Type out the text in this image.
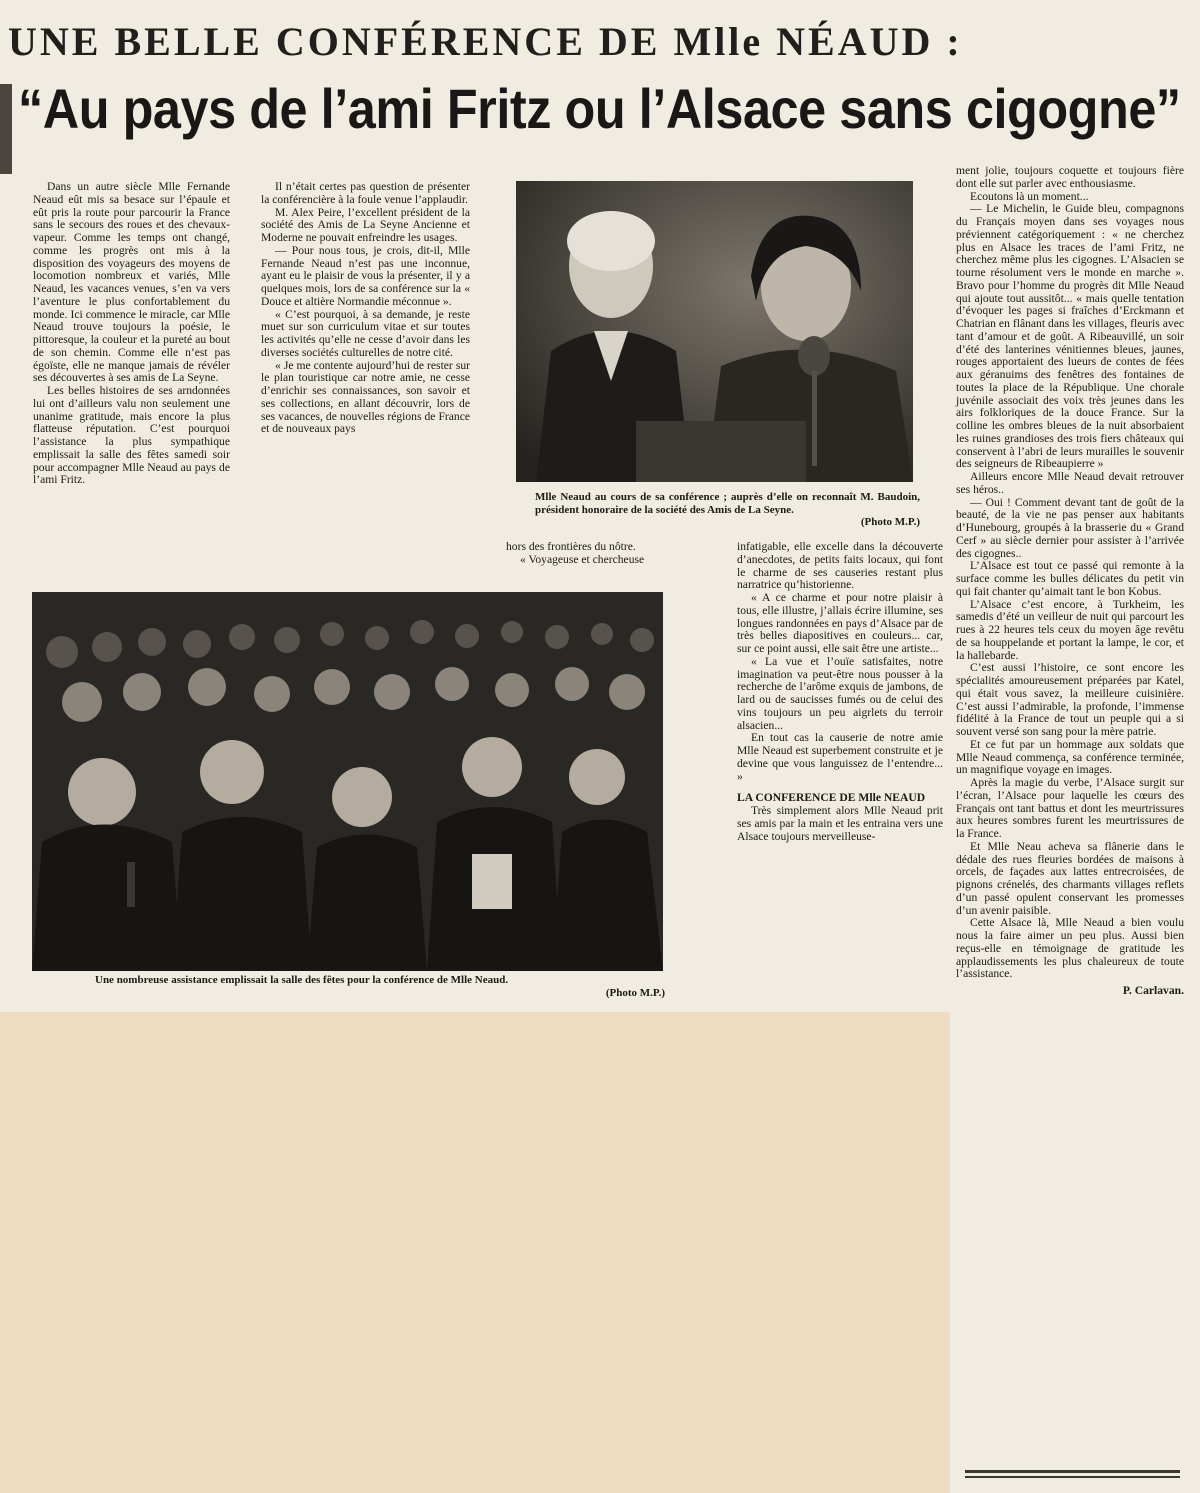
UNE BELLE CONFÉRENCE DE Mlle NÉAUD :
“Au pays de l’ami Fritz ou l’Alsace sans cigogne”

Dans un autre siècle Mlle Fernande Neaud eût mis sa besace sur l’épaule et eût pris la route pour parcourir la France sans le secours des roues et des chevaux-vapeur. Comme les temps ont changé, comme les progrès ont mis à la disposition des voyageurs des moyens de locomotion nombreux et variés, Mlle Neaud, les vacances venues, s’en va vers l’aventure le plus confortablement du monde. Ici commence le miracle, car Mlle Neaud trouve toujours la poésie, le pittoresque, la couleur et la pureté au bout de son chemin. Comme elle n’est pas égoïste, elle ne manque jamais de révéler ses découvertes à ses amis de La Seyne.

Les belles histoires de ses arndonnées lui ont d’ailleurs valu non seulement une unanime gratitude, mais encore la plus flatteuse réputation. C’est pourquoi l’assistance la plus sympathique emplissait la salle des fêtes samedi soir pour accompagner Mlle Neaud au pays de l’ami Fritz.

Il n’était certes pas question de présenter la conférencière à la foule venue l’applaudir.

M. Alex Peire, l’excellent président de la société des Amis de La Seyne Ancienne et Moderne ne pouvait enfreindre les usages.

— Pour nous tous, je crois, dit-il, Mlle Fernande Neaud n’est pas une inconnue, ayant eu le plaisir de vous la présenter, il y a quelques mois, lors de sa conférence sur la « Douce et altière Normandie méconnue ».

« C’est pourquoi, à sa demande, je reste muet sur son curriculum vitae et sur toutes les activités qu’elle ne cesse d’avoir dans les diverses sociétés culturelles de notre cité.

« Je me contente aujourd’hui de rester sur le plan touristique car notre amie, ne cesse d’enrichir ses connaissances, son savoir et ses collections, en allant découvrir, lors de ses vacances, de nouvelles régions de France et de nouveaux pays

hors des frontières du nôtre.

« Voyageuse et chercheuse

Mlle Neaud au cours de sa conférence ; auprès d’elle on reconnaît M. Baudoin, président honoraire de la société des Amis de La Seyne.
(Photo M.P.)
Une nombreuse assistance emplissait la salle des fêtes pour la conférence de Mlle Neaud.
(Photo M.P.)

infatigable, elle excelle dans la découverte d’anecdotes, de petits faits locaux, qui font le charme de ses causeries restant plus narratrice qu’historienne.

« A ce charme et pour notre plaisir à tous, elle illustre, j’allais écrire illumine, ses longues randonnées en pays d’Alsace par de très belles diapositives en couleurs... car, sur ce point aussi, elle sait être une artiste...

« La vue et l’ouïe satisfaites, notre imagination va peut-être nous pousser à la recherche de l’arôme exquis de jambons, de lard ou de saucisses fumés ou de celui des vins toujours un peu aigrlets du terroir alsacien...

En tout cas la causerie de notre amie Mlle Neaud est superbement construite et je devine que vous languissez de l’entendre... »

LA CONFERENCE DE Mlle NEAUD

Très simplement alors Mlle Neaud prit ses amis par la main et les entraina vers une Alsace toujours merveilleuse-

ment jolie, toujours coquette et toujours fière dont elle sut parler avec enthousiasme.

Ecoutons là un moment...

— Le Michelin, le Guide bleu, compagnons du Français moyen dans ses voyages nous préviennent catégoriquement : « ne cherchez plus en Alsace les traces de l’ami Fritz, ne cherchez même plus les cigognes. L’Alsacien se tourne résolument vers le monde en marche ». Bravo pour l’homme du progrès dit Mlle Neaud qui ajoute tout aussitôt... « mais quelle tentation d’évoquer les pages si fraîches d’Erckmann et Chatrian en flânant dans les villages, fleuris avec tant d’amour et de goût. A Ribeauvillé, un soir d’été des lanterines vénitiennes bleues, jaunes, rouges apportaient des lueurs de contes de fées aux géranuims des fenêtres des fontaines de toutes la place de la République. Une chorale juvénile associait des voix très jeunes dans les airs folkloriques de la douce France. Sur la colline les ombres bleues de la nuit absorbaient les ruines grandioses des trois fiers châteaux qui conservent à l’abri de leurs murailles le souvenir des seigneurs de Ribeaupierre »

Ailleurs encore Mlle Neaud devait retrouver ses héros..

— Oui ! Comment devant tant de goût de la beauté, de la vie ne pas penser aux habitants d’Hunebourg, groupés à la brasserie du « Grand Cerf » au siècle dernier pour assister à l’arrivée des cigognes..

L’Alsace est tout ce passé qui remonte à la surface comme les bulles délicates du petit vin qui fait chanter qu’aimait tant le bon Kobus.

L’Alsace c’est encore, à Turkheim, les samedis d’été un veilleur de nuit qui parcourt les rues à 22 heures tels ceux du moyen âge revêtu de sa houppelande et portant la lampe, le cor, et la hallebarde.

C’est aussi l’histoire, ce sont encore les spécialités amoureusement préparées par Katel, qui était vous savez, la meilleure cuisinière. C’est aussi l’admirable, la profonde, l’immense fidélité à la France de tout un peuple qui a si souvent versé son sang pour la mère patrie.

Et ce fut par un hommage aux soldats que Mlle Neaud commença, sa conférence terminée, un magnifique voyage en images.

Après la magie du verbe, l’Alsace surgit sur l’écran, l’Alsace pour laquelle les cœurs des Français ont tant battus et dont les meurtrissures aux heures sombres furent les meurtrissures de la France.

Et Mlle Neau acheva sa flânerie dans le dédale des rues fleuries bordées de maisons à orcels, de façades aux lattes entrecroisées, de pignons crénelés, des charmants villages reflets d’un passé opulent conservant les promesses d’un avenir paisible.

Cette Alsace là, Mlle Neaud a bien voulu nous la faire aimer un peu plus. Aussi bien reçus-elle en témoignage de gratitude les applaudissements les plus chaleureux de toute l’assistance.

P. Carlavan.
